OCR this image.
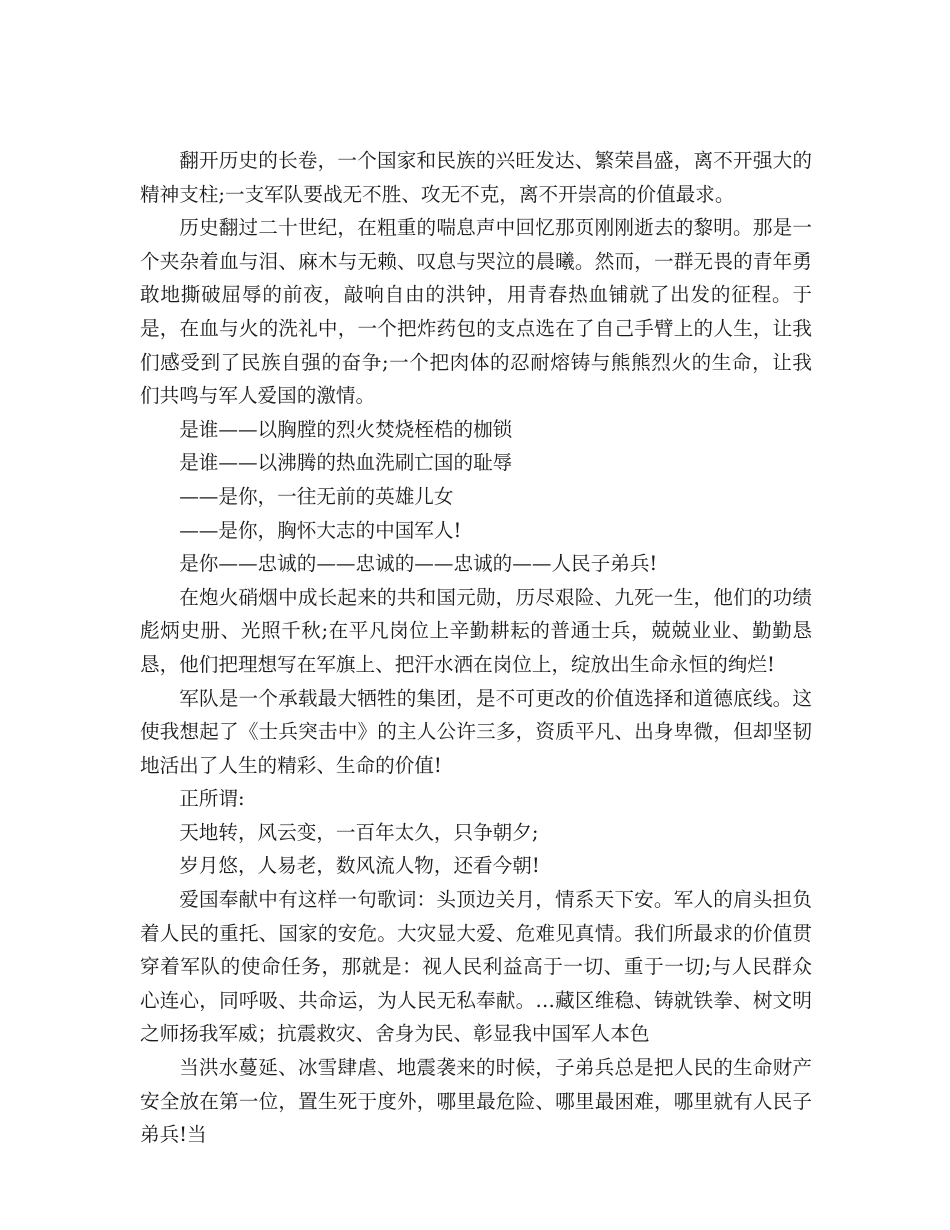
翻开历史的长卷，一个国家和民族的兴旺发达、繁荣昌盛，离不开强大的精神支柱;一支军队要战无不胜、攻无不克，离不开崇高的价值最求。

历史翻过二十世纪，在粗重的喘息声中回忆那页刚刚逝去的黎明。那是一个夹杂着血与泪、麻木与无赖、叹息与哭泣的晨曦。然而，一群无畏的青年勇敢地撕破屈辱的前夜，敲响自由的洪钟，用青春热血铺就了出发的征程。于是，在血与火的洗礼中，一个把炸药包的支点选在了自己手臂上的人生，让我们感受到了民族自强的奋争;一个把肉体的忍耐熔铸与熊熊烈火的生命，让我们共鸣与军人爱国的激情。

是谁——以胸膛的烈火焚烧桎梏的枷锁

是谁——以沸腾的热血洗刷亡国的耻辱

——是你，一往无前的英雄儿女

——是你，胸怀大志的中国军人!

是你——忠诚的——忠诚的——忠诚的——人民子弟兵!

在炮火硝烟中成长起来的共和国元勋，历尽艰险、九死一生，他们的功绩彪炳史册、光照千秋;在平凡岗位上辛勤耕耘的普通士兵，兢兢业业、勤勤恳恳，他们把理想写在军旗上、把汗水洒在岗位上，绽放出生命永恒的绚烂!

军队是一个承载最大牺牲的集团，是不可更改的价值选择和道德底线。这使我想起了《士兵突击中》的主人公许三多，资质平凡、出身卑微，但却坚韧地活出了人生的精彩、生命的价值!

正所谓:

天地转，风云变，一百年太久，只争朝夕;

岁月悠，人易老，数风流人物，还看今朝!

爱国奉献中有这样一句歌词：头顶边关月，情系天下安。军人的肩头担负着人民的重托、国家的安危。大灾显大爱、危难见真情。我们所最求的价值贯穿着军队的使命任务，那就是：视人民利益高于一切、重于一切;与人民群众心连心，同呼吸、共命运，为人民无私奉献。…藏区维稳、铸就铁拳、树文明之师扬我军威；抗震救灾、舍身为民、彰显我中国军人本色

当洪水蔓延、冰雪肆虐、地震袭来的时候，子弟兵总是把人民的生命财产安全放在第一位，置生死于度外，哪里最危险、哪里最困难，哪里就有人民子弟兵!当
